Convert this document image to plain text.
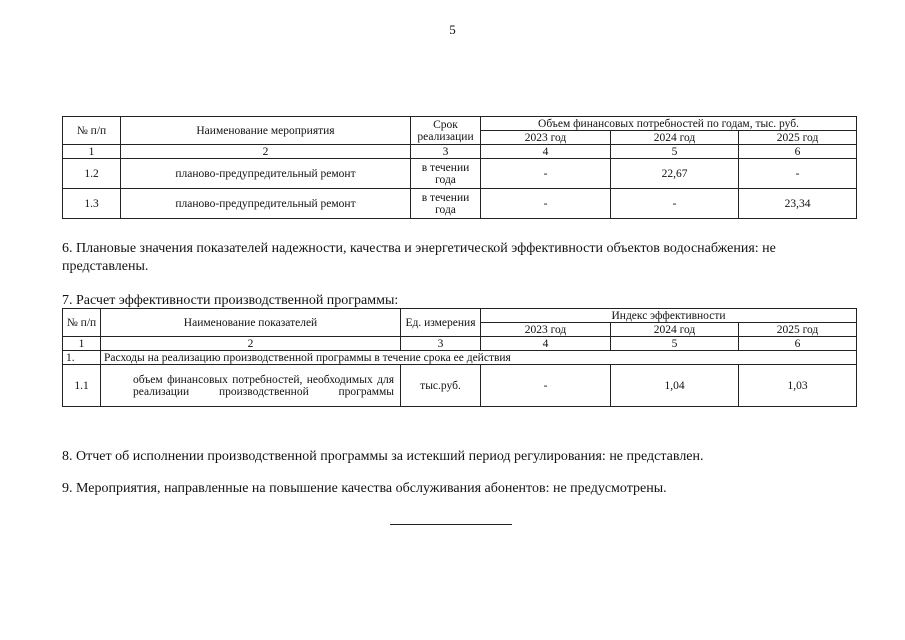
5
№ п/п	Наименование мероприятия	Срок реализации	Объем финансовых потребностей по годам, тыс. руб.		
			2023 год	2024 год	2025 год
1	2	3	4	5	6
1.2	планово-предупредительный ремонт	в течении года	-	22,67	-
1.3	планово-предупредительный ремонт	в течении года	-	-	23,34
6. Плановые значения показателей надежности, качества и энергетической эффективности объектов водоснабжения: не представлены.
7. Расчет эффективности производственной программы:
№ п/п	Наименование показателей	Ед. измерения	Индекс эффективности		
			2023 год	2024 год	2025 год
1	2	3	4	5	6
1.	Расходы на реализацию производственной программы в течение срока ее действия				
1.1	объем финансовых потребностей, необходимых для реализации производственной программы	тыс.руб.	-	1,04	1,03
8. Отчет об исполнении производственной программы за истекший период регулирования: не представлен.
9. Мероприятия, направленные на повышение качества обслуживания абонентов: не предусмотрены.
